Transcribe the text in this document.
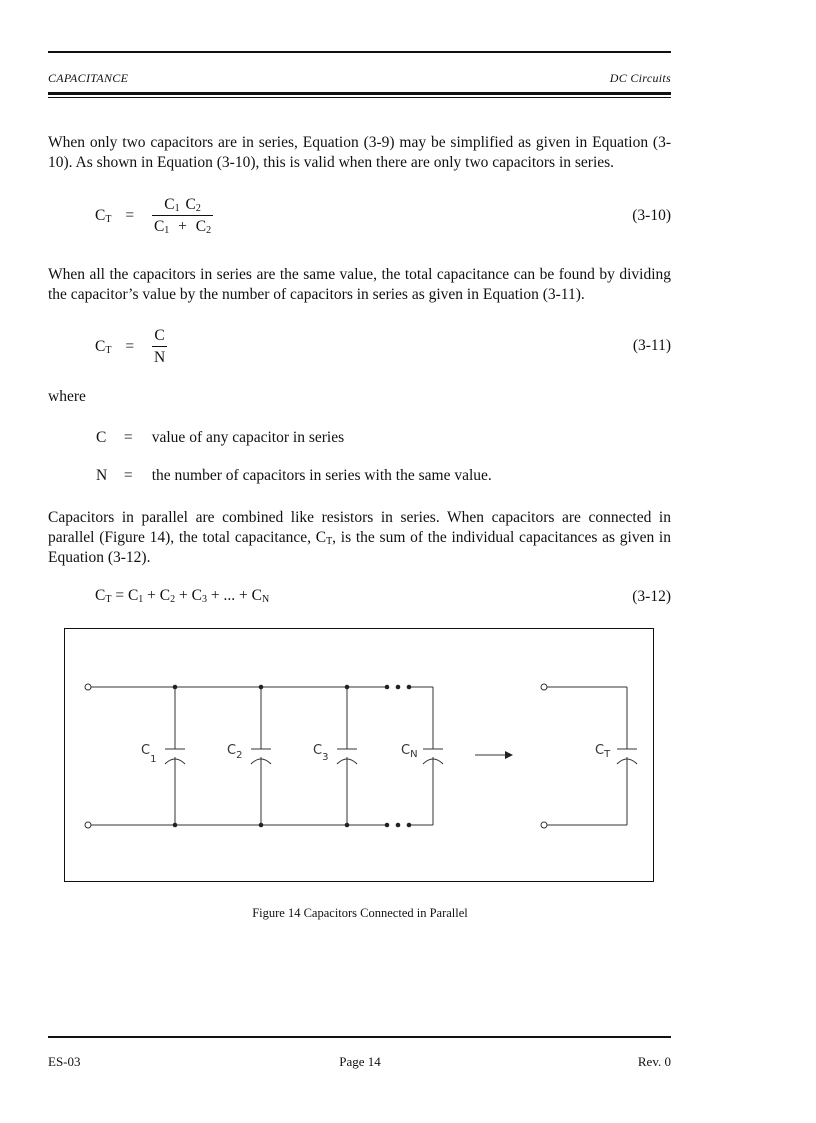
CAPACITANCE	DC Circuits
When only two capacitors are in series, Equation (3-9) may be simplified as given in Equation (3-10). As shown in Equation (3-10), this is valid when there are only two capacitors in series.
$C_T = \frac{C_1 C_2}{C_1 + C_2}$	(3-10)
When all the capacitors in series are the same value, the total capacitance can be found by dividing the capacitor’s value by the number of capacitors in series as given in Equation (3-11).
$C_T = \frac{C}{N}$	(3-11)
where
C = value of any capacitor in series
N = the number of capacitors in series with the same value.
Capacitors in parallel are combined like resistors in series. When capacitors are connected in parallel (Figure 14), the total capacitance, $C_T$, is the sum of the individual capacitances as given in Equation (3-12).
$C_T = C_1 + C_2 + C_3$ + ... + $C_N$	(3-12)
$C_1$
$C_2$	$C_3$	$C_N$	$C_T$
Figure 14 Capacitors Connected in Parallel
ES-03	Page 14	Rev. 0
